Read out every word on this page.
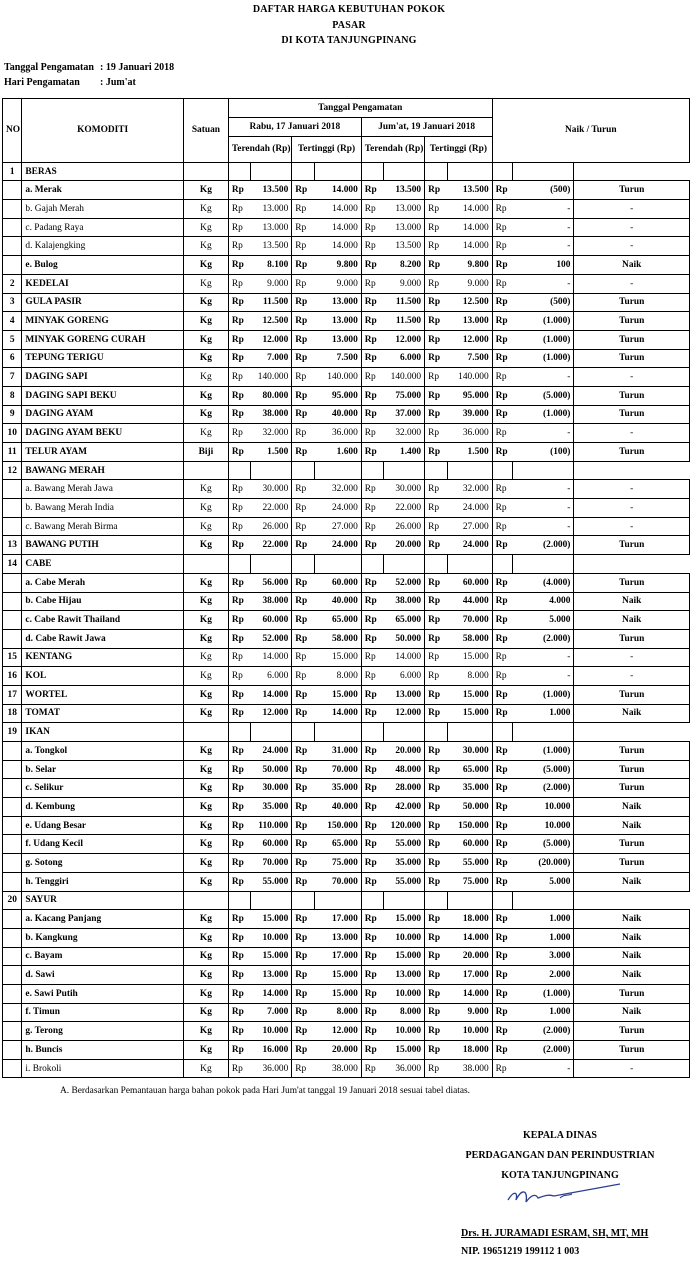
DAFTAR HARGA KEBUTUHAN POKOK
PASAR
DI KOTA TANJUNGPINANG
Tanggal Pengamatan : 19 Januari 2018
Hari Pengamatan : Jum'at
NO	KOMODITI	Satuan	Tanggal Pengamatan								Naik / Turun		
			Rabu, 17 Januari 2018				Jum'at, 19 Januari 2018						
			Terendah (Rp)		Tertinggi (Rp)		Terendah (Rp)		Tertinggi (Rp)				
1	BERAS												
	a. Merak	Kg	Rp	13.500	Rp	14.000	Rp	13.500	Rp	13.500	Rp	(500)	Turun
	b. Gajah Merah	Kg	Rp	13.000	Rp	14.000	Rp	13.000	Rp	14.000	Rp	-	-
	c. Padang Raya	Kg	Rp	13.000	Rp	14.000	Rp	13.000	Rp	14.000	Rp	-	-
	d. Kalajengking	Kg	Rp	13.500	Rp	14.000	Rp	13.500	Rp	14.000	Rp	-	-
	e. Bulog	Kg	Rp	8.100	Rp	9.800	Rp	8.200	Rp	9.800	Rp	100	Naik
2	KEDELAI	Kg	Rp	9.000	Rp	9.000	Rp	9.000	Rp	9.000	Rp	-	-
3	GULA PASIR	Kg	Rp	11.500	Rp	13.000	Rp	11.500	Rp	12.500	Rp	(500)	Turun
4	MINYAK GORENG	Kg	Rp	12.500	Rp	13.000	Rp	11.500	Rp	13.000	Rp	(1.000)	Turun
5	MINYAK GORENG CURAH	Kg	Rp	12.000	Rp	13.000	Rp	12.000	Rp	12.000	Rp	(1.000)	Turun
6	TEPUNG TERIGU	Kg	Rp	7.000	Rp	7.500	Rp	6.000	Rp	7.500	Rp	(1.000)	Turun
7	DAGING SAPI	Kg	Rp	140.000	Rp	140.000	Rp	140.000	Rp	140.000	Rp	-	-
8	DAGING SAPI BEKU	Kg	Rp	80.000	Rp	95.000	Rp	75.000	Rp	95.000	Rp	(5.000)	Turun
9	DAGING AYAM	Kg	Rp	38.000	Rp	40.000	Rp	37.000	Rp	39.000	Rp	(1.000)	Turun
10	DAGING AYAM BEKU	Kg	Rp	32.000	Rp	36.000	Rp	32.000	Rp	36.000	Rp	-	-
11	TELUR AYAM	Biji	Rp	1.500	Rp	1.600	Rp	1.400	Rp	1.500	Rp	(100)	Turun
12	BAWANG MERAH												
	a. Bawang Merah Jawa	Kg	Rp	30.000	Rp	32.000	Rp	30.000	Rp	32.000	Rp	-	-
	b. Bawang Merah India	Kg	Rp	22.000	Rp	24.000	Rp	22.000	Rp	24.000	Rp	-	-
	c. Bawang Merah Birma	Kg	Rp	26.000	Rp	27.000	Rp	26.000	Rp	27.000	Rp	-	-
13	BAWANG PUTIH	Kg	Rp	22.000	Rp	24.000	Rp	20.000	Rp	24.000	Rp	(2.000)	Turun
14	CABE												
	a. Cabe Merah	Kg	Rp	56.000	Rp	60.000	Rp	52.000	Rp	60.000	Rp	(4.000)	Turun
	b. Cabe Hijau	Kg	Rp	38.000	Rp	40.000	Rp	38.000	Rp	44.000	Rp	4.000	Naik
	c. Cabe Rawit Thailand	Kg	Rp	60.000	Rp	65.000	Rp	65.000	Rp	70.000	Rp	5.000	Naik
	d. Cabe Rawit Jawa	Kg	Rp	52.000	Rp	58.000	Rp	50.000	Rp	58.000	Rp	(2.000)	Turun
15	KENTANG	Kg	Rp	14.000	Rp	15.000	Rp	14.000	Rp	15.000	Rp	-	-
16	KOL	Kg	Rp	6.000	Rp	8.000	Rp	6.000	Rp	8.000	Rp	-	-
17	WORTEL	Kg	Rp	14.000	Rp	15.000	Rp	13.000	Rp	15.000	Rp	(1.000)	Turun
18	TOMAT	Kg	Rp	12.000	Rp	14.000	Rp	12.000	Rp	15.000	Rp	1.000	Naik
19	IKAN												
	a. Tongkol	Kg	Rp	24.000	Rp	31.000	Rp	20.000	Rp	30.000	Rp	(1.000)	Turun
	b. Selar	Kg	Rp	50.000	Rp	70.000	Rp	48.000	Rp	65.000	Rp	(5.000)	Turun
	c. Selikur	Kg	Rp	30.000	Rp	35.000	Rp	28.000	Rp	35.000	Rp	(2.000)	Turun
	d. Kembung	Kg	Rp	35.000	Rp	40.000	Rp	42.000	Rp	50.000	Rp	10.000	Naik
	e. Udang Besar	Kg	Rp	110.000	Rp	150.000	Rp	120.000	Rp	150.000	Rp	10.000	Naik
	f. Udang Kecil	Kg	Rp	60.000	Rp	65.000	Rp	55.000	Rp	60.000	Rp	(5.000)	Turun
	g. Sotong	Kg	Rp	70.000	Rp	75.000	Rp	35.000	Rp	55.000	Rp	(20.000)	Turun
	h. Tenggiri	Kg	Rp	55.000	Rp	70.000	Rp	55.000	Rp	75.000	Rp	5.000	Naik
20	SAYUR												
	a. Kacang Panjang	Kg	Rp	15.000	Rp	17.000	Rp	15.000	Rp	18.000	Rp	1.000	Naik
	b. Kangkung	Kg	Rp	10.000	Rp	13.000	Rp	10.000	Rp	14.000	Rp	1.000	Naik
	c. Bayam	Kg	Rp	15.000	Rp	17.000	Rp	15.000	Rp	20.000	Rp	3.000	Naik
	d. Sawi	Kg	Rp	13.000	Rp	15.000	Rp	13.000	Rp	17.000	Rp	2.000	Naik
	e. Sawi Putih	Kg	Rp	14.000	Rp	15.000	Rp	10.000	Rp	14.000	Rp	(1.000)	Turun
	f. Timun	Kg	Rp	7.000	Rp	8.000	Rp	8.000	Rp	9.000	Rp	1.000	Naik
	g. Terong	Kg	Rp	10.000	Rp	12.000	Rp	10.000	Rp	10.000	Rp	(2.000)	Turun
	h. Buncis	Kg	Rp	16.000	Rp	20.000	Rp	15.000	Rp	18.000	Rp	(2.000)	Turun
	i. Brokoli	Kg	Rp	36.000	Rp	38.000	Rp	36.000	Rp	38.000	Rp	-	-
A. Berdasarkan Pemantauan harga bahan pokok pada Hari Jum'at tanggal 19 Januari 2018 sesuai tabel diatas.
KEPALA DINAS
PERDAGANGAN DAN PERINDUSTRIAN
KOTA TANJUNGPINANG
Drs. H. JURAMADI ESRAM, SH, MT, MH
NIP. 19651219 199112 1 003
